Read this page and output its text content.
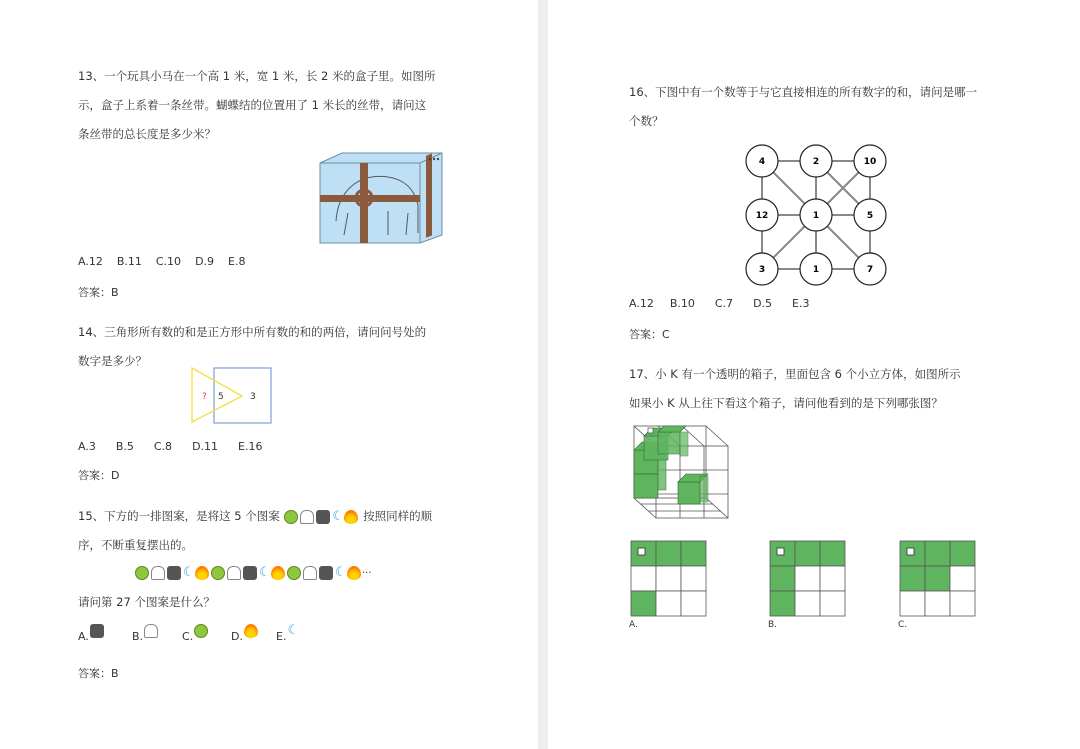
13、一个玩具小马在一个高 1 米，宽 1 米，长 2 米的盒子里。如图所
示，盒子上系着一条丝带。蝴蝶结的位置用了 1 米长的丝带，请问这
条丝带的总长度是多少米？
A.12 B.11 C.10 D.9 E.8
答案：B
14、三角形所有数的和是正方形中所有数的和的两倍，请问问号处的
数字是多少？
? 5	3
A.3 B.5 C.8 D.11 E.16
答案：D
15、下方的一排图案，是将这 5 个图案	☾ 按照同样的顺
序，不断重复摆出的。
☾	☾	☾ ···
请问第 27 个图案是什么？
A.	B.	C.	D.	E.☾
答案：B
16、下图中有一个数等于与它直接相连的所有数字的和，请问是哪一
个数？
4	2	10
12	1	5
3	1	7
A.12 B.10 C.7 D.5 E.3
答案：C
17、小 K 有一个透明的箱子，里面包含 6 个小立方体，如图所示
如果小 K 从上往下看这个箱子，请问他看到的是下列哪张图？
A.	B.	C.
